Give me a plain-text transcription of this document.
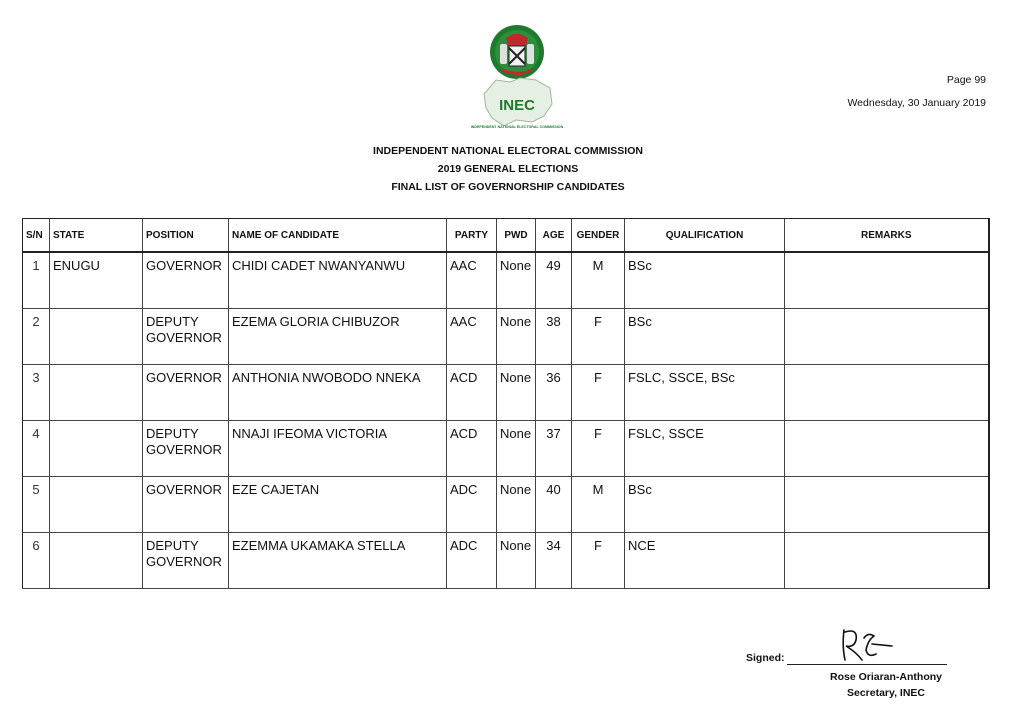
INEC
INDEPENDENT NATIONAL ELECTORAL COMMISSION
Page 99
Wednesday, 30 January 2019
INDEPENDENT NATIONAL ELECTORAL COMMISSION
2019 GENERAL ELECTIONS
FINAL LIST OF GOVERNORSHIP CANDIDATES
S/N	STATE	POSITION	NAME OF CANDIDATE	PARTY	PWD	AGE	GENDER	QUALIFICATION	REMARKS
1	ENUGU	GOVERNOR	CHIDI CADET NWANYANWU	AAC	None	49	M	BSc	
2		DEPUTY GOVERNOR	EZEMA GLORIA CHIBUZOR	AAC	None	38	F	BSc	
3		GOVERNOR	ANTHONIA NWOBODO NNEKA	ACD	None	36	F	FSLC, SSCE, BSc	
4		DEPUTY GOVERNOR	NNAJI IFEOMA VICTORIA	ACD	None	37	F	FSLC, SSCE	
5		GOVERNOR	EZE CAJETAN	ADC	None	40	M	BSc	
6		DEPUTY GOVERNOR	EZEMMA UKAMAKA STELLA	ADC	None	34	F	NCE	
Signed:
Rose Oriaran-Anthony
Secretary, INEC
